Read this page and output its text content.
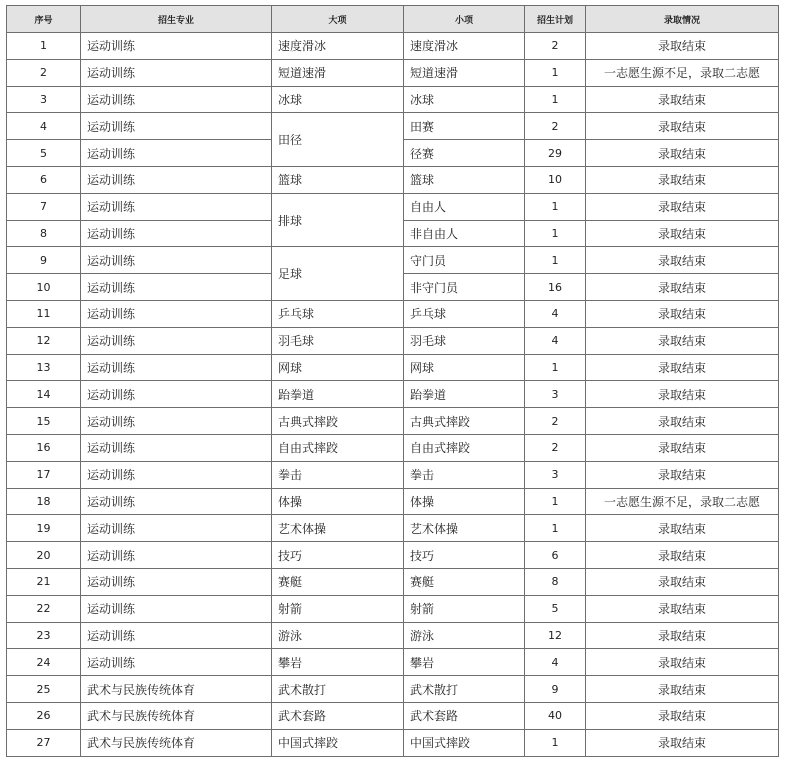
序号	招生专业	大项	小项	招生计划	录取情况
1	运动训练	速度滑冰	速度滑冰	2	录取结束
2	运动训练	短道速滑	短道速滑	1	一志愿生源不足，录取二志愿
3	运动训练	冰球	冰球	1	录取结束
4	运动训练	田径	田赛	2	录取结束
5	运动训练		径赛	29	录取结束
6	运动训练	篮球	篮球	10	录取结束
7	运动训练	排球	自由人	1	录取结束
8	运动训练		非自由人	1	录取结束
9	运动训练	足球	守门员	1	录取结束
10	运动训练		非守门员	16	录取结束
11	运动训练	乒乓球	乒乓球	4	录取结束
12	运动训练	羽毛球	羽毛球	4	录取结束
13	运动训练	网球	网球	1	录取结束
14	运动训练	跆拳道	跆拳道	3	录取结束
15	运动训练	古典式摔跤	古典式摔跤	2	录取结束
16	运动训练	自由式摔跤	自由式摔跤	2	录取结束
17	运动训练	拳击	拳击	3	录取结束
18	运动训练	体操	体操	1	一志愿生源不足，录取二志愿
19	运动训练	艺术体操	艺术体操	1	录取结束
20	运动训练	技巧	技巧	6	录取结束
21	运动训练	赛艇	赛艇	8	录取结束
22	运动训练	射箭	射箭	5	录取结束
23	运动训练	游泳	游泳	12	录取结束
24	运动训练	攀岩	攀岩	4	录取结束
25	武术与民族传统体育	武术散打	武术散打	9	录取结束
26	武术与民族传统体育	武术套路	武术套路	40	录取结束
27	武术与民族传统体育	中国式摔跤	中国式摔跤	1	录取结束
